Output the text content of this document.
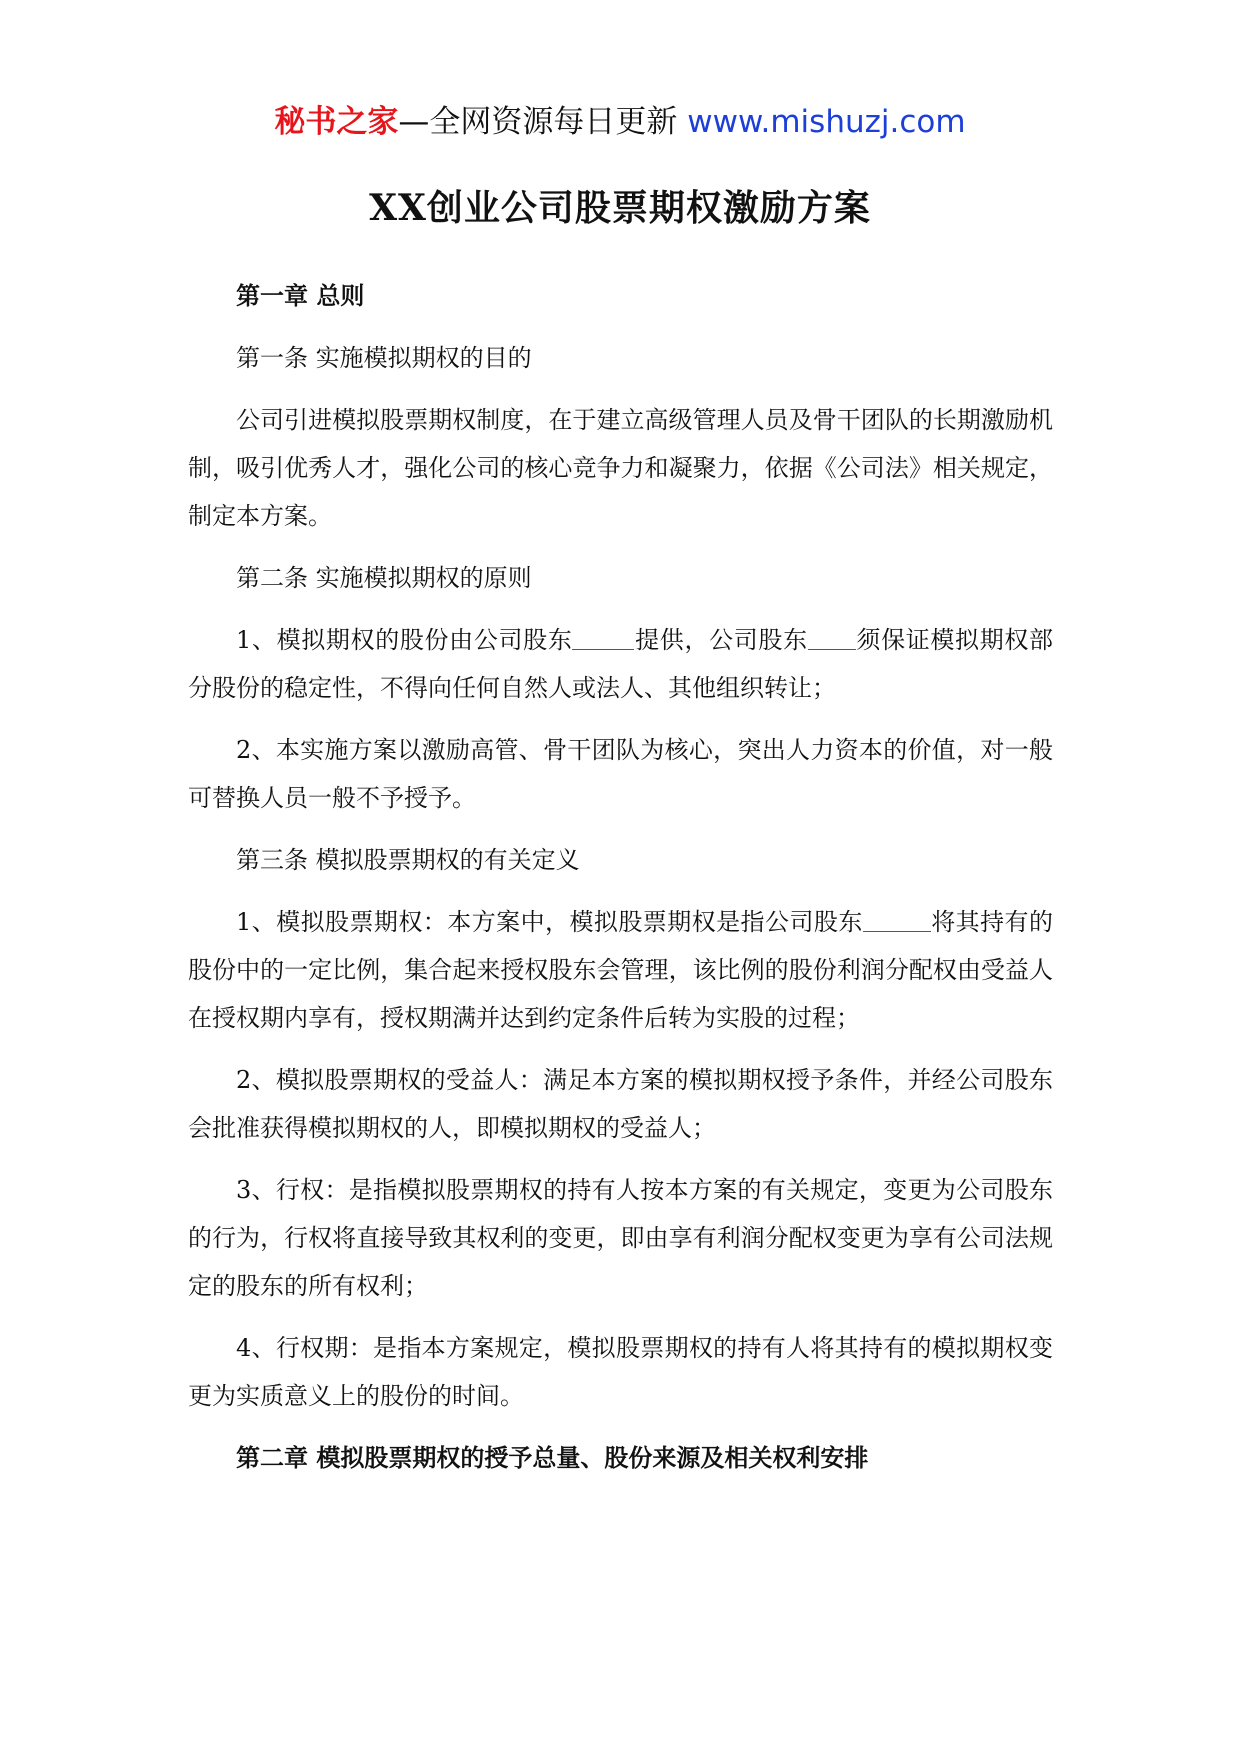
秘书之家—全网资源每日更新 www.mishuzj.com
XX创业公司股票期权激励方案

第一章 总则

第一条 实施模拟期权的目的

公司引进模拟股票期权制度，在于建立高级管理人员及骨干团队的长期激励机制，吸引优秀人才，强化公司的核心竞争力和凝聚力，依据《公司法》相关规定，制定本方案。

第二条 实施模拟期权的原则

1、模拟期权的股份由公司股东	提供，公司股东 须保证模拟期权部分股份的稳定性，不得向任何自然人或法人、其他组织转让；

2、本实施方案以激励高管、骨干团队为核心，突出人力资本的价值，对一般可替换人员一般不予授予。

第三条 模拟股票期权的有关定义

1、模拟股票期权：本方案中，模拟股票期权是指公司股东	将其持有的股份中的一定比例，集合起来授权股东会管理，该比例的股份利润分配权由受益人在授权期内享有，授权期满并达到约定条件后转为实股的过程；

2、模拟股票期权的受益人：满足本方案的模拟期权授予条件，并经公司股东会批准获得模拟期权的人，即模拟期权的受益人；

3、行权：是指模拟股票期权的持有人按本方案的有关规定，变更为公司股东的行为，行权将直接导致其权利的变更，即由享有利润分配权变更为享有公司法规定的股东的所有权利；

4、行权期：是指本方案规定，模拟股票期权的持有人将其持有的模拟期权变更为实质意义上的股份的时间。

第二章 模拟股票期权的授予总量、股份来源及相关权利安排
